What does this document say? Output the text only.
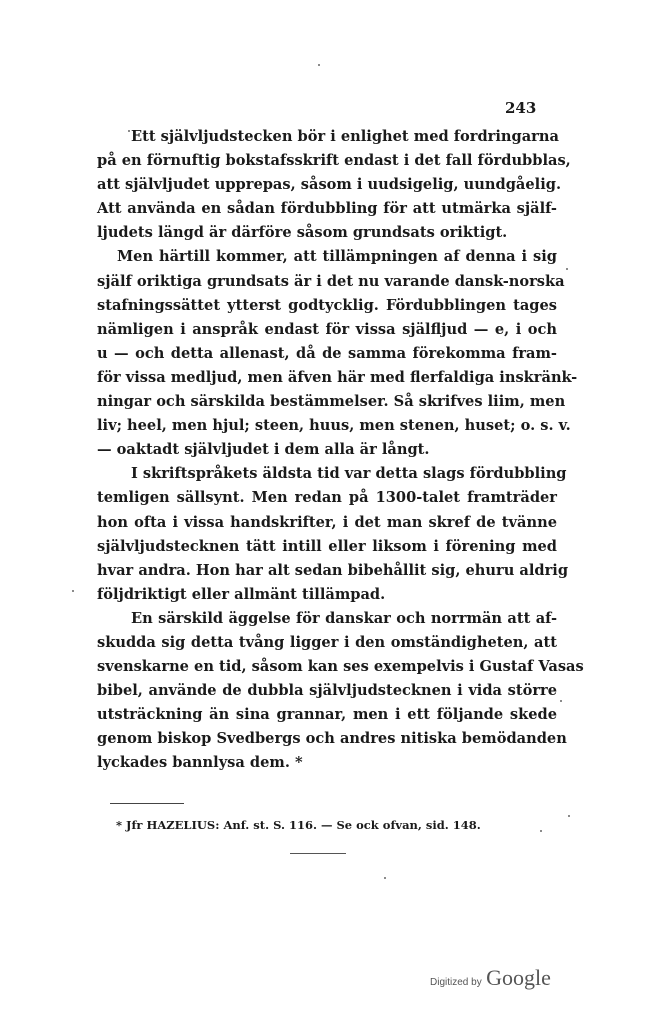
243
Ett självljudstecken bör i enlighet med fordringarna
på en förnuftig bokstafsskrift endast i det fall fördubblas,
att självljudet upprepas, såsom i uudsigelig, uundgåelig.
Att använda en sådan fördubbling för att utmärka själf-
ljudets längd är därföre såsom grundsats oriktigt.
Men härtill kommer, att tillämpningen af denna i sig
själf oriktiga grundsats är i det nu varande dansk-norska
stafningssättet ytterst godtycklig. Fördubblingen tages
nämligen i anspråk endast för vissa själfljud — e, i och
u — och detta allenast, då de samma förekomma fram-
för vissa medljud, men äfven här med flerfaldiga inskränk-
ningar och särskilda bestämmelser. Så skrifves liim, men
liv; heel, men hjul; steen, huus, men stenen, huset; o. s. v.
— oaktadt självljudet i dem alla är långt.
I skriftspråkets äldsta tid var detta slags fördubbling
temligen sällsynt. Men redan på 1300-talet framträder
hon ofta i vissa handskrifter, i det man skref de tvänne
självljudstecknen tätt intill eller liksom i förening med
hvar andra. Hon har alt sedan bibehållit sig, ehuru aldrig
följdriktigt eller allmänt tillämpad.
En särskild äggelse för danskar och norrmän att af-
skudda sig detta tvång ligger i den omständigheten, att
svenskarne en tid, såsom kan ses exempelvis i Gustaf Vasas
bibel, använde de dubbla självljudstecknen i vida större
utsträckning än sina grannar, men i ett följande skede
genom biskop Svedbergs och andres nitiska bemödanden
lyckades bannlysa dem. *
* Jfr HAZELIUS: Anf. st. S. 116. — Se ock ofvan, sid. 148.
Digitized by Google
